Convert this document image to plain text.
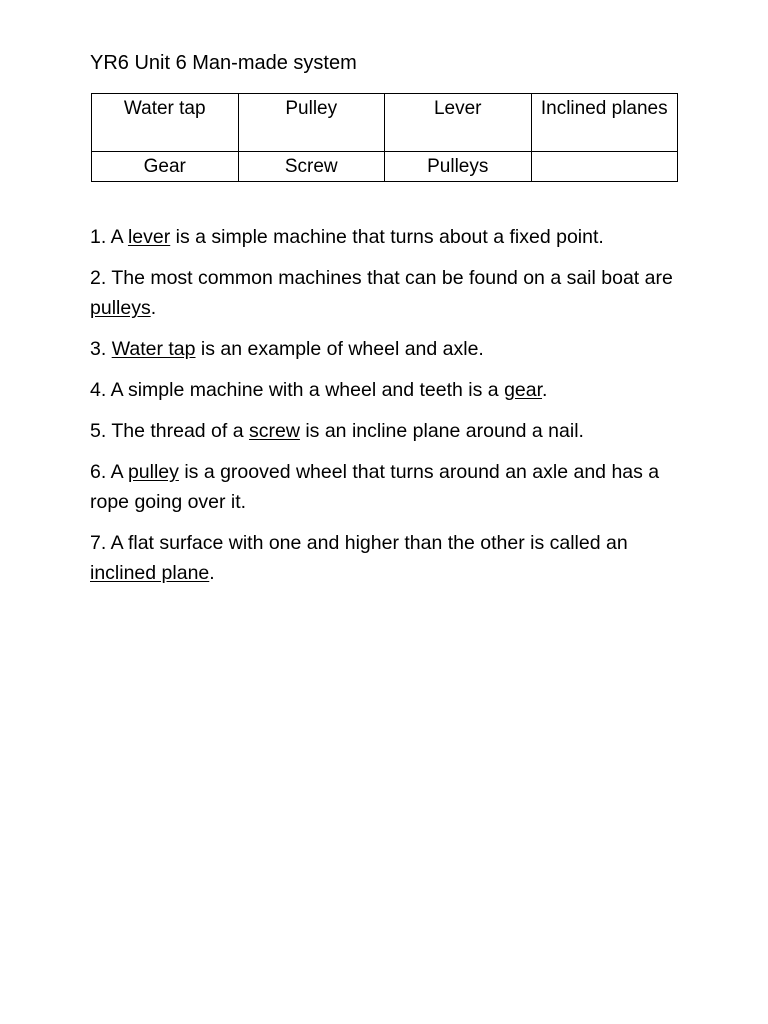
YR6 Unit 6 Man-made system
Water tap	Pulley	Lever	Inclined planes
Gear	Screw	Pulleys	
1. A lever is a simple machine that turns about a fixed point.
2. The most common machines that can be found on a sail boat are pulleys.
3. Water tap is an example of wheel and axle.
4. A simple machine with a wheel and teeth is a gear.
5. The thread of a screw is an incline plane around a nail.
6. A pulley is a grooved wheel that turns around an axle and has a rope going over it.
7. A flat surface with one and higher than the other is called an inclined plane.
